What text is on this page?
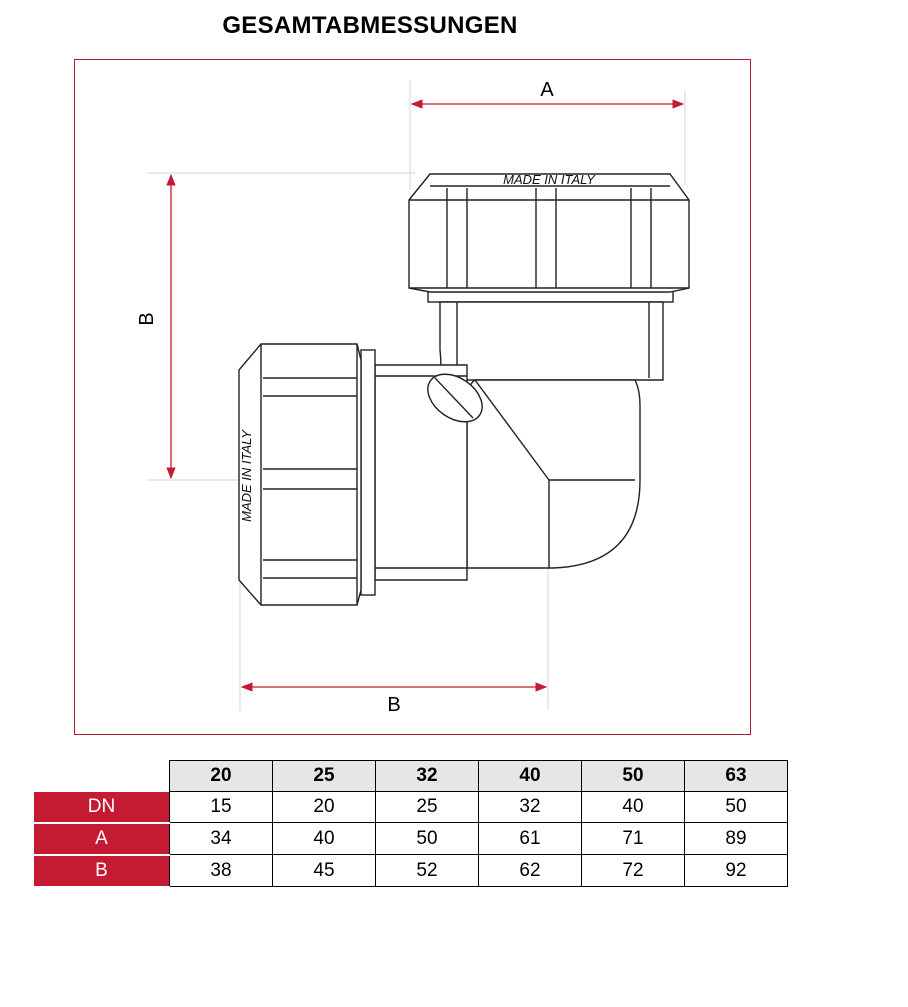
GESAMTABMESSUNGEN
A
B
B
MADE IN ITALY
MADE IN ITALY
	20	25	32	40	50	63
DN	15	20	25	32	40	50
A	34	40	50	61	71	89
B	38	45	52	62	72	92
